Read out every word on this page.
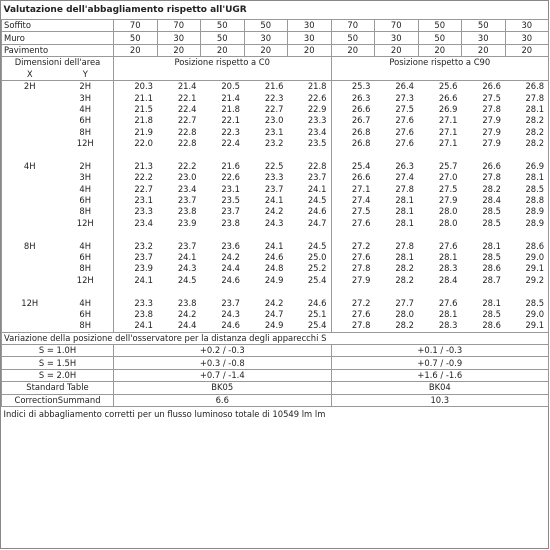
Valutazione dell'abbagliamento rispetto all'UGR											
Soffito		70	70	50	50	30	70	70	50	50	30
Muro		50	30	50	30	30	50	30	50	30	30
Pavimento		20	20	20	20	20	20	20	20	20	20
Dimensioni dell'area		Posizione rispetto a C0					Posizione rispetto a C90				
X	Y										
2H	2H	20.3	21.4	20.5	21.6	21.8	25.3	26.4	25.6	26.6	26.8
	3H	21.1	22.1	21.4	22.3	22.6	26.3	27.3	26.6	27.5	27.8
	4H	21.5	22.4	21.8	22.7	22.9	26.6	27.5	26.9	27.8	28.1
	6H	21.8	22.7	22.1	23.0	23.3	26.7	27.6	27.1	27.9	28.2
	8H	21.9	22.8	22.3	23.1	23.4	26.8	27.6	27.1	27.9	28.2
	12H	22.0	22.8	22.4	23.2	23.5	26.8	27.6	27.1	27.9	28.2

4H	2H	21.3	22.2	21.6	22.5	22.8	25.4	26.3	25.7	26.6	26.9
	3H	22.2	23.0	22.6	23.3	23.7	26.6	27.4	27.0	27.8	28.1
	4H	22.7	23.4	23.1	23.7	24.1	27.1	27.8	27.5	28.2	28.5
	6H	23.1	23.7	23.5	24.1	24.5	27.4	28.1	27.9	28.4	28.8
	8H	23.3	23.8	23.7	24.2	24.6	27.5	28.1	28.0	28.5	28.9
	12H	23.4	23.9	23.8	24.3	24.7	27.6	28.1	28.0	28.5	28.9

8H	4H	23.2	23.7	23.6	24.1	24.5	27.2	27.8	27.6	28.1	28.6
	6H	23.7	24.1	24.2	24.6	25.0	27.6	28.1	28.1	28.5	29.0
	8H	23.9	24.3	24.4	24.8	25.2	27.8	28.2	28.3	28.6	29.1
	12H	24.1	24.5	24.6	24.9	25.4	27.9	28.2	28.4	28.7	29.2

12H	4H	23.3	23.8	23.7	24.2	24.6	27.2	27.7	27.6	28.1	28.5
	6H	23.8	24.2	24.3	24.7	25.1	27.6	28.0	28.1	28.5	29.0
	8H	24.1	24.4	24.6	24.9	25.4	27.8	28.2	28.3	28.6	29.1
Variazione della posizione dell'osservatore per la distanza degli apparecchi S											
S = 1.0H		+0.2 / -0.3					+0.1 / -0.3				
S = 1.5H		+0.3 / -0.8					+0.7 / -0.9				
S = 2.0H		+0.7 / -1.4					+1.6 / -1.6				
Standard Table		BK05					BK04				
CorrectionSummand		6.6					10.3				
Indici di abbagliamento corretti per un flusso luminoso totale di 10549 lm lm											
